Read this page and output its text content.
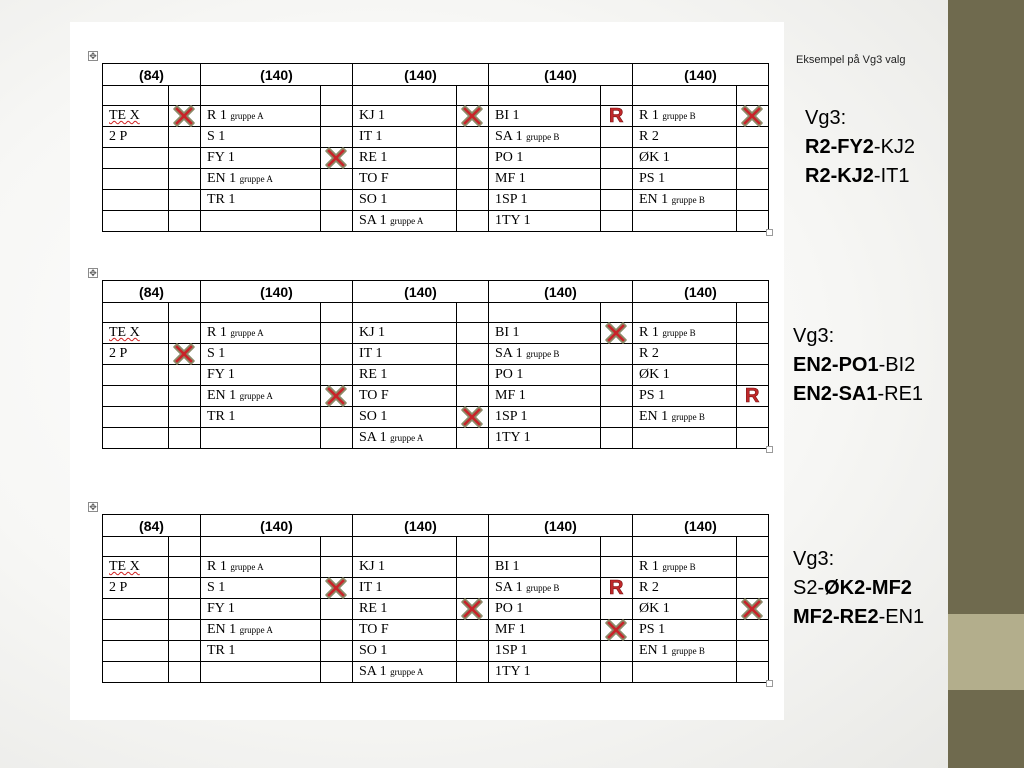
Eksempel på Vg3 valg
✥
(84)		(140)		(140)		(140)		(140)	

TE X		R 1 gruppe A		KJ 1		BI 1		R 1 gruppe B	
2 P		S 1		IT 1		SA 1 gruppe B		R 2	
		FY 1		RE 1		PO 1		ØK 1	
		EN 1 gruppe A		TO F		MF 1		PS 1	
		TR 1		SO 1		1SP 1		EN 1 gruppe B	
				SA 1 gruppe A		1TY 1			
R
✥
(84)		(140)		(140)		(140)		(140)	

TE X		R 1 gruppe A		KJ 1		BI 1		R 1 gruppe B	
2 P		S 1		IT 1		SA 1 gruppe B		R 2	
		FY 1		RE 1		PO 1		ØK 1	
		EN 1 gruppe A		TO F		MF 1		PS 1	
		TR 1		SO 1		1SP 1		EN 1 gruppe B	
				SA 1 gruppe A		1TY 1			
R
✥
(84)		(140)		(140)		(140)		(140)	

TE X		R 1 gruppe A		KJ 1		BI 1		R 1 gruppe B	
2 P		S 1		IT 1		SA 1 gruppe B		R 2	
		FY 1		RE 1		PO 1		ØK 1	
		EN 1 gruppe A		TO F		MF 1		PS 1	
		TR 1		SO 1		1SP 1		EN 1 gruppe B	
				SA 1 gruppe A		1TY 1			
R
Vg3:
R2-FY2-KJ2
R2-KJ2-IT1
Vg3:
EN2-PO1-BI2
EN2-SA1-RE1
Vg3:
S2-ØK2-MF2
MF2-RE2-EN1
